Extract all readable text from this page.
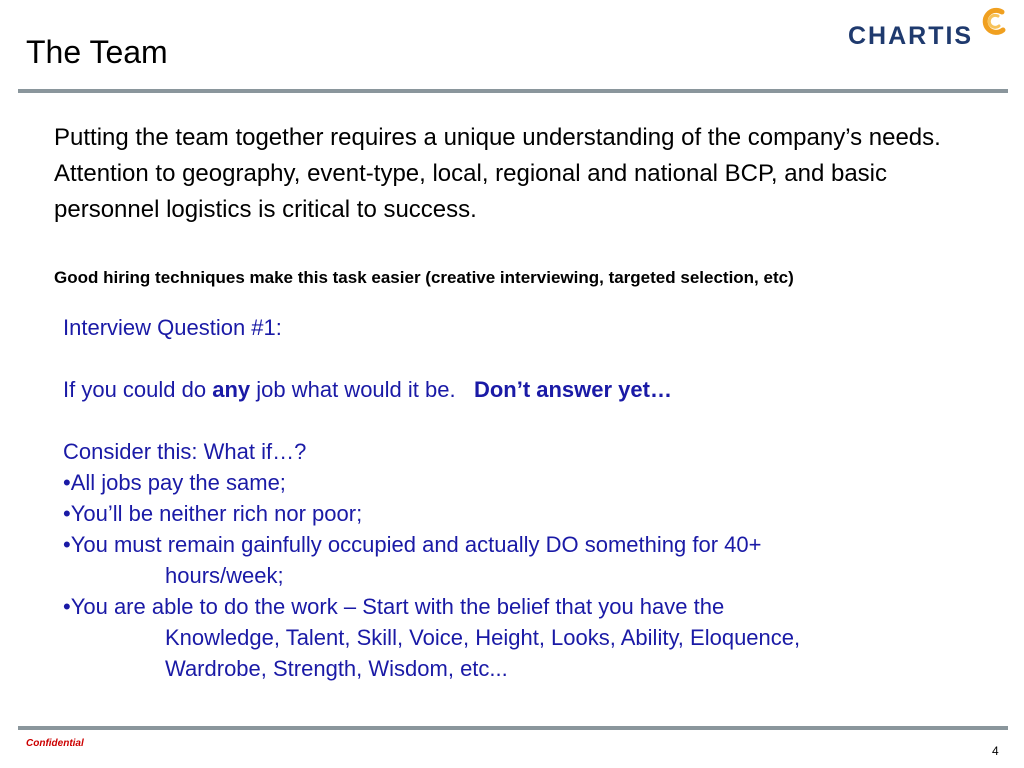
The Team	CHARTIS
Putting the team together requires a unique understanding of the company’s needs. Attention to geography, event-type, local, regional and national BCP, and basic personnel logistics is critical to success.
Good hiring techniques make this task easier (creative interviewing, targeted selection, etc)
Interview Question #1:
If you could do any job what would it be.   Don’t answer yet…
Consider this: What if…?
•All jobs pay the same;
•You’ll be neither rich nor poor;
•You must remain gainfully occupied and actually DO something for 40+
hours/week;
•You are able to do the work – Start with the belief that you have the
Knowledge, Talent, Skill, Voice, Height, Looks, Ability, Eloquence,
Wardrobe, Strength, Wisdom, etc...
Confidential
4
